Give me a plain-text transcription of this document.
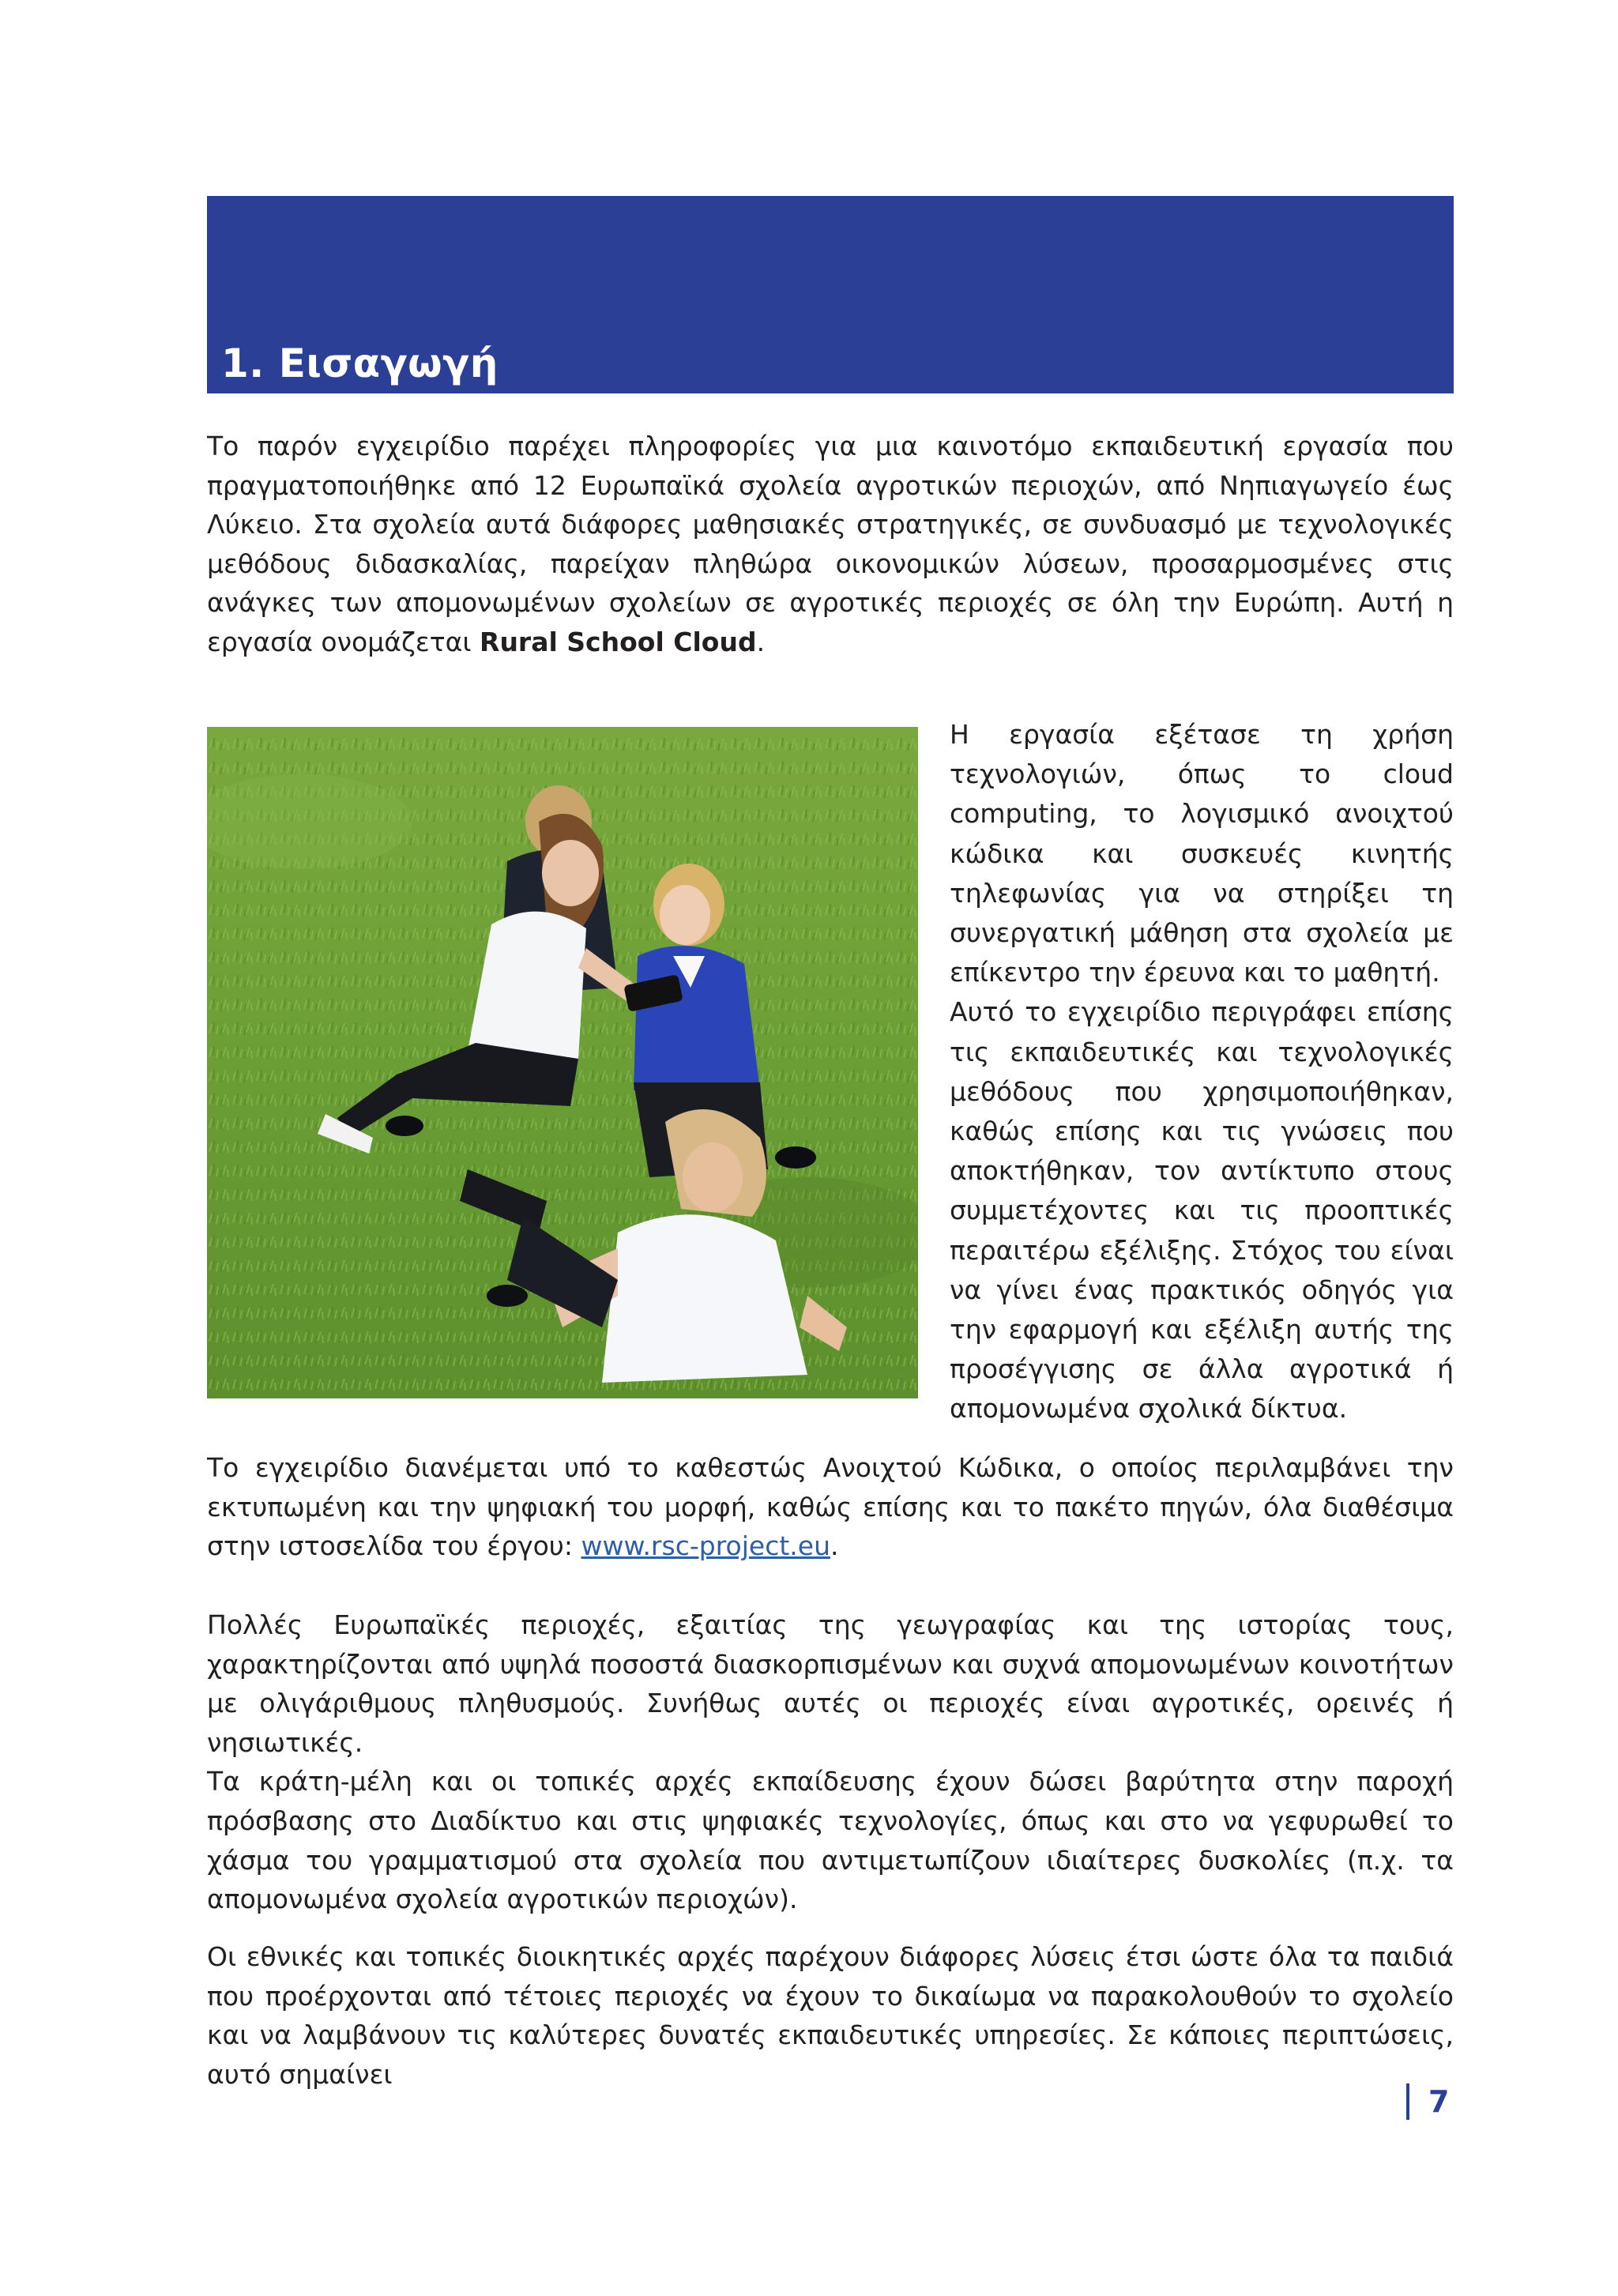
1. Εισαγωγή

Το παρόν εγχειρίδιο παρέχει πληροφορίες για μια καινοτόμο εκπαιδευτική εργασία που πραγματοποιήθηκε από 12 Ευρωπαϊκά σχολεία αγροτικών περιοχών, από Νηπιαγωγείο έως Λύκειο. Στα σχολεία αυτά διάφορες μαθησιακές στρατηγικές, σε συνδυασμό με τεχνολογικές μεθόδους διδασκαλίας, παρείχαν πληθώρα οικονομικών λύσεων, προσαρμοσμένες στις ανάγκες των απομονωμένων σχολείων σε αγροτικές περιοχές σε όλη την Ευρώπη. Αυτή η εργασία ονομάζεται Rural School Cloud.

Η εργασία εξέτασε τη χρήση τεχνολογιών, όπως το cloud computing, το λογισμικό ανοιχτού κώδικα και συσκευές κινητής τηλεφωνίας για να στηρίξει τη συνεργατική μάθηση στα σχολεία με επίκεντρο την έρευνα και το μαθητή.

Αυτό το εγχειρίδιο περιγράφει επίσης τις εκπαιδευτικές και τεχνολογικές μεθόδους που χρησιμοποιήθηκαν, καθώς επίσης και τις γνώσεις που αποκτήθηκαν, τον αντίκτυπο στους συμμετέχοντες και τις προοπτικές περαιτέρω εξέλιξης. Στόχος του είναι να γίνει ένας πρακτικός οδηγός για την εφαρμογή και εξέλιξη αυτής της προσέγγισης σε άλλα αγροτικά ή απομονωμένα σχολικά δίκτυα.

Το εγχειρίδιο διανέμεται υπό το καθεστώς Ανοιχτού Κώδικα, ο οποίος περιλαμβάνει την εκτυπωμένη και την ψηφιακή του μορφή, καθώς επίσης και το πακέτο πηγών, όλα διαθέσιμα στην ιστοσελίδα του έργου: www.rsc-project.eu.

Πολλές Ευρωπαϊκές περιοχές, εξαιτίας της γεωγραφίας και της ιστορίας τους, χαρακτηρίζονται από υψηλά ποσοστά διασκορπισμένων και συχνά απομονωμένων κοινοτήτων με ολιγάριθμους πληθυσμούς. Συνήθως αυτές οι περιοχές είναι αγροτικές, ορεινές ή νησιωτικές.

Τα κράτη-μέλη και οι τοπικές αρχές εκπαίδευσης έχουν δώσει βαρύτητα στην παροχή πρόσβασης στο Διαδίκτυο και στις ψηφιακές τεχνολογίες, όπως και στο να γεφυρωθεί το χάσμα του γραμματισμού στα σχολεία που αντιμετωπίζουν ιδιαίτερες δυσκολίες (π.χ. τα απομονωμένα σχολεία αγροτικών περιοχών).

Οι εθνικές και τοπικές διοικητικές αρχές παρέχουν διάφορες λύσεις έτσι ώστε όλα τα παιδιά που προέρχονται από τέτοιες περιοχές να έχουν το δικαίωμα να παρακολουθούν το σχολείο και να λαμβάνουν τις καλύτερες δυνατές εκπαιδευτικές υπηρεσίες. Σε κάποιες περιπτώσεις, αυτό σημαίνει

7
